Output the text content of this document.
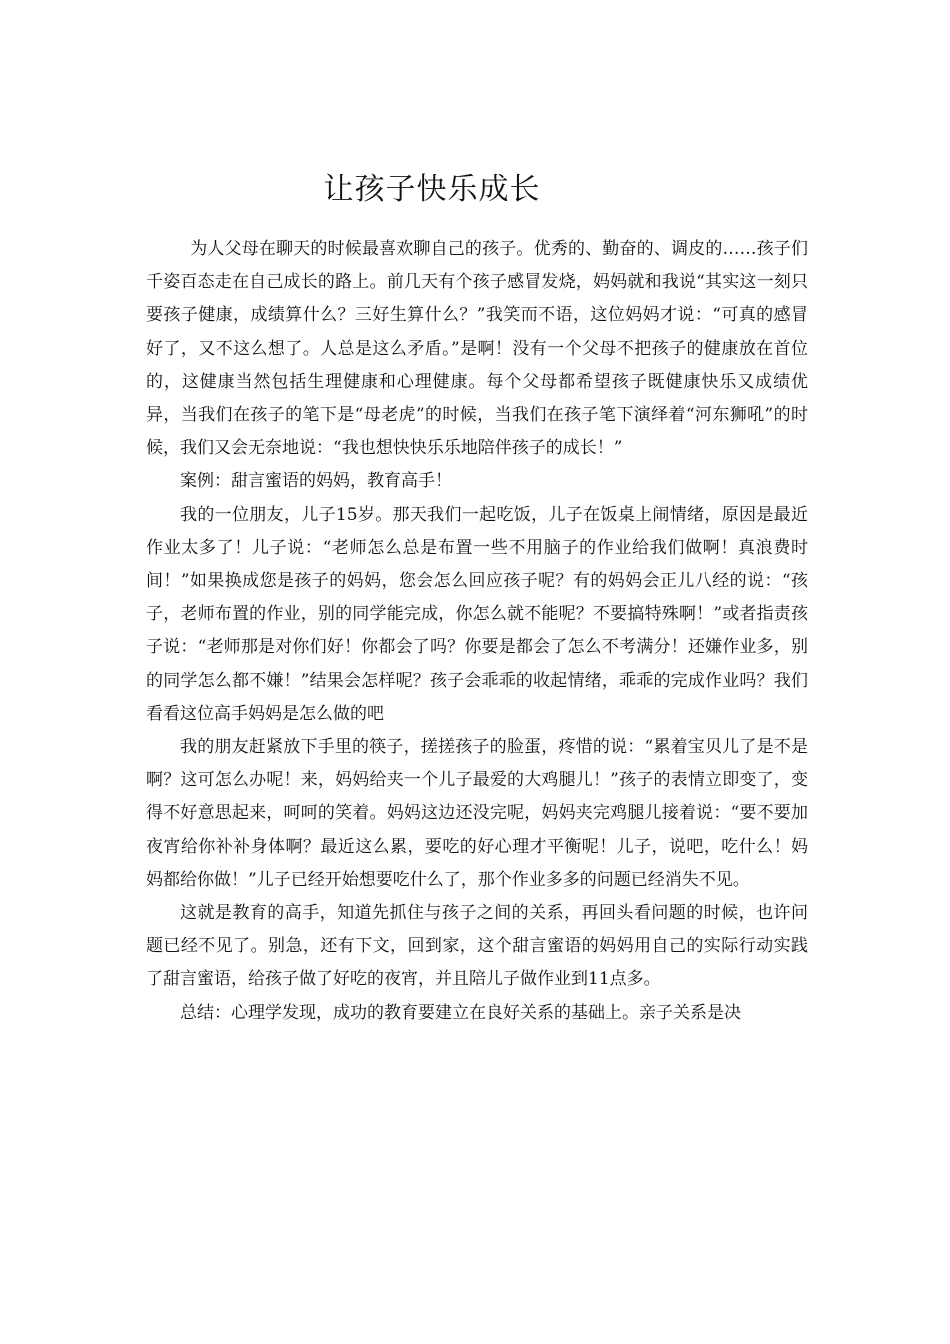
让孩子快乐成长

为人父母在聊天的时候最喜欢聊自己的孩子。优秀的、勤奋的、调皮的……孩子们千姿百态走在自己成长的路上。前几天有个孩子感冒发烧，妈妈就和我说“其实这一刻只要孩子健康，成绩算什么？三好生算什么？”我笑而不语，这位妈妈才说：“可真的感冒好了，又不这么想了。人总是这么矛盾。”是啊！没有一个父母不把孩子的健康放在首位的，这健康当然包括生理健康和心理健康。每个父母都希望孩子既健康快乐又成绩优异，当我们在孩子的笔下是“母老虎”的时候，当我们在孩子笔下演绎着“河东狮吼”的时候，我们又会无奈地说：“我也想快快乐乐地陪伴孩子的成长！”

案例：甜言蜜语的妈妈，教育高手！

我的一位朋友，儿子15岁。那天我们一起吃饭，儿子在饭桌上闹情绪，原因是最近作业太多了！儿子说：“老师怎么总是布置一些不用脑子的作业给我们做啊！真浪费时间！”如果换成您是孩子的妈妈，您会怎么回应孩子呢？有的妈妈会正儿八经的说：“孩子，老师布置的作业，别的同学能完成，你怎么就不能呢？不要搞特殊啊！”或者指责孩子说：“老师那是对你们好！你都会了吗？你要是都会了怎么不考满分！还嫌作业多，别的同学怎么都不嫌！”结果会怎样呢？孩子会乖乖的收起情绪，乖乖的完成作业吗？我们看看这位高手妈妈是怎么做的吧

我的朋友赶紧放下手里的筷子，搓搓孩子的脸蛋，疼惜的说：“累着宝贝儿了是不是啊？这可怎么办呢！来，妈妈给夹一个儿子最爱的大鸡腿儿！”孩子的表情立即变了，变得不好意思起来，呵呵的笑着。妈妈这边还没完呢，妈妈夹完鸡腿儿接着说：“要不要加夜宵给你补补身体啊？最近这么累，要吃的好心理才平衡呢！儿子，说吧，吃什么！妈妈都给你做！”儿子已经开始想要吃什么了，那个作业多多的问题已经消失不见。

这就是教育的高手，知道先抓住与孩子之间的关系，再回头看问题的时候，也许问题已经不见了。别急，还有下文，回到家，这个甜言蜜语的妈妈用自己的实际行动实践了甜言蜜语，给孩子做了好吃的夜宵，并且陪儿子做作业到11点多。

总结：心理学发现，成功的教育要建立在良好关系的基础上。亲子关系是决
